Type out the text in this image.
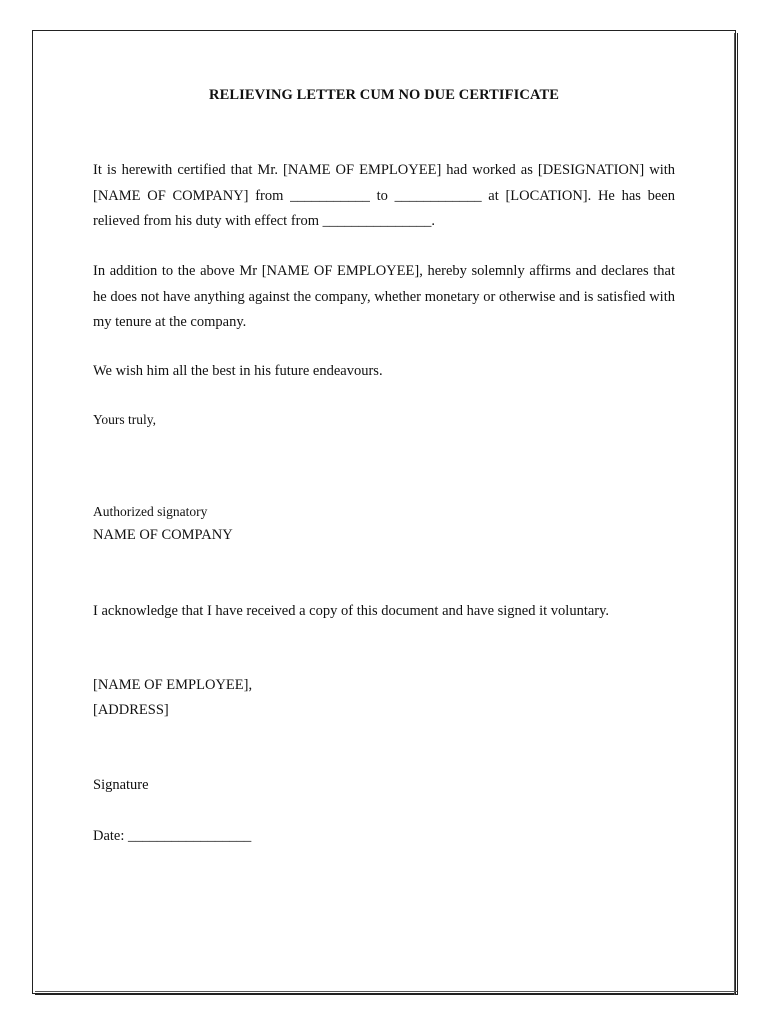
RELIEVING LETTER CUM NO DUE CERTIFICATE
It is herewith certified that Mr. [NAME OF EMPLOYEE] had worked as [DESIGNATION] with [NAME OF COMPANY] from ___________ to ____________ at [LOCATION]. He has been relieved from his duty with effect from _______________.
In addition to the above Mr [NAME OF EMPLOYEE], hereby solemnly affirms and declares that he does not have anything against the company, whether monetary or otherwise and is satisfied with my tenure at the company.
We wish him all the best in his future endeavours.
Yours truly,
Authorized signatory
NAME OF COMPANY
I acknowledge that I have received a copy of this document and have signed it voluntary.
[NAME OF EMPLOYEE],
[ADDRESS]
Signature
Date: _________________
